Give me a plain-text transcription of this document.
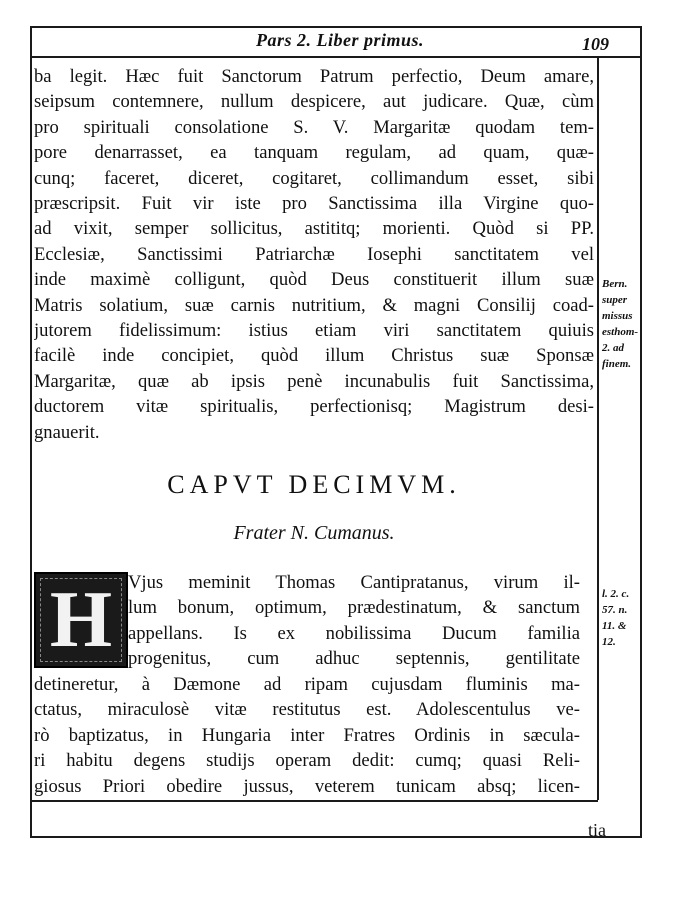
Pars 2. Liber primus.	109
ba legit. Hæc fuit Sanctorum Patrum perfectio, Deum amare,
seipsum contemnere, nullum despicere, aut judicare. Quæ, cùm
pro spirituali consolatione S. V. Margaritæ quodam tem-
pore denarrasset, ea tanquam regulam, ad quam, quæ-
cunq; faceret, diceret, cogitaret, collimandum esset, sibi
præscripsit. Fuit vir iste pro Sanctissima illa Virgine quo-
ad vixit, semper sollicitus, astititq; morienti. Quòd si PP.
Ecclesiæ, Sanctissimi Patriarchæ Iosephi sanctitatem vel
inde maximè colligunt, quòd Deus constituerit illum suæ
Matris solatium, suæ carnis nutritium, & magni Consilij coad-
jutorem fidelissimum: istius etiam viri sanctitatem quiuis
facilè inde concipiet, quòd illum Christus suæ Sponsæ
Margaritæ, quæ ab ipsis penè incunabulis fuit Sanctissima,
ductorem vitæ spiritualis, perfectionisq; Magistrum desi-
gnauerit.
Bern.
super
missus
esthom-
2. ad
finem.
CAPVT DECIMVM.
Frater N. Cumanus.
H Vjus meminit Thomas Cantipratanus, virum il-
lum bonum, optimum, prædestinatum, & sanctum
appellans. Is ex nobilissima Ducum familia
progenitus, cum adhuc septennis, gentilitate
detineretur, à Dæmone ad ripam cujusdam fluminis ma-
ctatus, miraculosè vitæ restitutus est. Adolescentulus ve-
rò baptizatus, in Hungaria inter Fratres Ordinis in sæcula-
ri habitu degens studijs operam dedit: cumq; quasi Reli-
giosus Priori obedire jussus, veterem tunicam absq; licen-
l. 2. c.
57. n.
11. &
12.
tia
